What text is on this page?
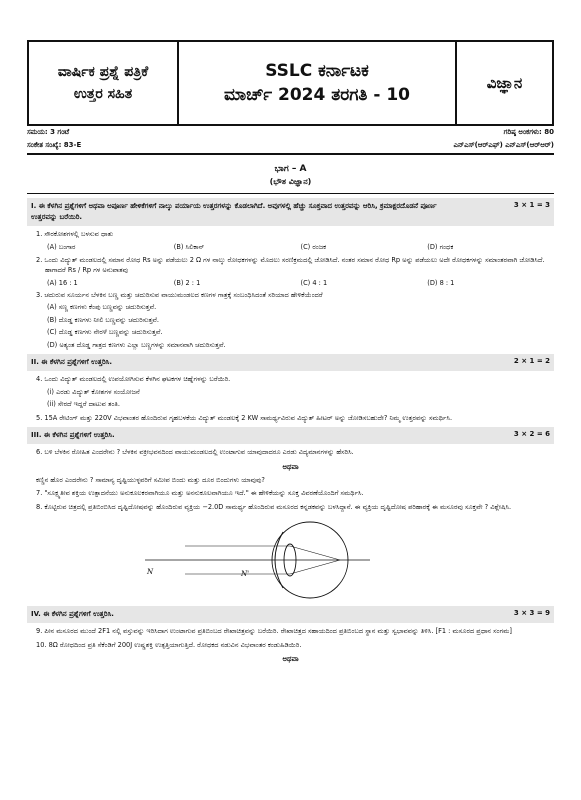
ವಾರ್ಷಿಕ ಪ್ರಶ್ನೆ ಪತ್ರಿಕೆ
ಉತ್ತರ ಸಹಿತ
SSLC ಕರ್ನಾಟಕ
ಮಾರ್ಚ್ 2024 ತರಗತಿ - 10
ವಿಜ್ಞಾನ
ಸಮಯ: 3 ಗಂಟೆ	ಗರಿಷ್ಠ ಅಂಕಗಳು: 80
ಸಂಕೇತ ಸಂಖ್ಯೆ: 83-E	ಎನ್ಎಸ್(ಆರ್‌ಎಫ್) ಎನ್ಎಸ್(ಆರ್‌ಆರ್)
ಭಾಗ – A
(ಭೌತ ವಿಜ್ಞಾನ)
I. ಈ ಕೆಳಗಿನ ಪ್ರಶ್ನೆಗಳಿಗೆ ಅಥವಾ ಅಪೂರ್ಣ ಹೇಳಿಕೆಗಳಿಗೆ ನಾಲ್ಕು ಪರ್ಯಾಯ ಉತ್ತರಗಳನ್ನು ಕೊಡಲಾಗಿದೆ. ಅವುಗಳಲ್ಲಿ ಹೆಚ್ಚು ಸೂಕ್ತವಾದ ಉತ್ತರವನ್ನು ಆರಿಸಿ, ಕ್ರಮಾಕ್ಷರದೊಡನೆ ಪೂರ್ಣ ಉತ್ತರವನ್ನು ಬರೆಯಿರಿ.
3 × 1 = 3
1. ಸೌರಕೋಶಗಳಲ್ಲಿ ಬಳಸುವ ಧಾತು
(A) ಬಂಗಾರ	(B) ಸಿಲಿಕಾನ್	(C) ರಂಜಕ	(D) ಗಂಧಕ
2. ಒಂದು ವಿದ್ಯುತ್ ಮಂಡಲದಲ್ಲಿ ಸಮಾನ ರೋಧ Rs ಅನ್ನು ಪಡೆಯಲು 2 Ω ಗಳ ನಾಲ್ಕು ರೋಧಕಗಳನ್ನು ಮೊದಲು ಸರಣಿಕ್ರಮದಲ್ಲಿ ಜೋಡಿಸಿದೆ. ನಂತರ ಸಮಾನ ರೋಧ Rp ಅನ್ನು ಪಡೆಯಲು ಅದೇ ರೋಧಕಗಳನ್ನು ಸಮಾಂತರವಾಗಿ ಜೋಡಿಸಿದೆ. ಹಾಗಾದರೆ Rs / Rp ಗಳ ಅನುಪಾತವು
(A) 16 : 1	(B) 2 : 1	(C) 4 : 1	(D) 8 : 1
3. ಚದುರುವ ಸೂರ್ಯನ ಬೆಳಕಿನ ಬಣ್ಣ ಮತ್ತು ಚದುರಿಸುವ ವಾಯುಮಂಡಲದ ಕಣಗಳ ಗಾತ್ರಕ್ಕೆ ಸಂಬಂಧಿಸಿದಂತೆ ಸರಿಯಾದ ಹೇಳಿಕೆಯೆಂದರೆ
(A) ಸಣ್ಣ ಕಣಗಳು ಕೆಂಪು ಬಣ್ಣವನ್ನು ಚದುರಿಸುತ್ತವೆ.
(B) ದೊಡ್ಡ ಕಣಗಳು ನೀಲಿ ಬಣ್ಣವನ್ನು ಚದುರಿಸುತ್ತವೆ.
(C) ದೊಡ್ಡ ಕಣಗಳು ನೇರಳೆ ಬಣ್ಣವನ್ನು ಚದುರಿಸುತ್ತವೆ.
(D) ಅತ್ಯಂತ ದೊಡ್ಡ ಗಾತ್ರದ ಕಣಗಳು ಎಲ್ಲಾ ಬಣ್ಣಗಳನ್ನು ಸಮಾನವಾಗಿ ಚದುರಿಸುತ್ತವೆ.
II. ಈ ಕೆಳಗಿನ ಪ್ರಶ್ನೆಗಳಿಗೆ ಉತ್ತರಿಸಿ.	2 × 1 = 2
4. ಒಂದು ವಿದ್ಯುತ್ ಮಂಡಲದಲ್ಲಿ ಉಪಯೋಗಿಸುವ ಕೆಳಗಿನ ಘಟಕಗಳ ಚಿಹ್ನೆಗಳನ್ನು ಬರೆಯಿರಿ.
(i) ಎರಡು ವಿದ್ಯುತ್ ಕೋಶಗಳ ಸಂಯೋಜನೆ
(ii) ಸೇರದೆ ಇದ್ದರೆ ದಾಟುವ ತಂತಿ.
5. 15A ರೇಟಿಂಗ್ ಮತ್ತು 220V ವಿಭವಾಂತರ ಹೊಂದಿರುವ ಗೃಹಬಳಕೆಯ ವಿದ್ಯುತ್ ಮಂಡಲಕ್ಕೆ 2 KW ಸಾಮರ್ಥ್ಯವಿರುವ ವಿದ್ಯುತ್ ಹೀಟರ್ ಅನ್ನು ಜೋಡಿಸಬಹುದೇ? ನಿಮ್ಮ ಉತ್ತರವನ್ನು ಸಮರ್ಥಿಸಿ.
III. ಈ ಕೆಳಗಿನ ಪ್ರಶ್ನೆಗಳಿಗೆ ಉತ್ತರಿಸಿ.	3 × 2 = 6
6. ಬಳಿ ಬೆಳಕಿನ ರೋಹಿತ ಎಂದರೇನು ? ಬೆಳಕಿನ ವಕ್ರೀಭವನದಿಂದ ವಾಯುಮಂಡಲದಲ್ಲಿ ಉಂಟಾಗುವ ಯಾವುದಾದರೂ ಎರಡು ವಿದ್ಯಮಾನಗಳನ್ನು ಹೆಸರಿಸಿ.
ಅಥವಾ
ಕಣ್ಣಿನ ಹೊರ ಎಂದರೇನು ? ಸಾಮಾನ್ಯ ದೃಷ್ಟಿಯುಳ್ಳವರಿಗೆ ಸಮೀಪ ಬಿಂದು ಮತ್ತು ದೂರ ಬಿಂದುಗಳು ಯಾವುವು?
7. "ಸೂಕ್ಷ್ಮತೀವ ಶಕ್ತಿಯ ಉತ್ಪಾದನೆಯು ಅನುಕೂಲಕರವಾಗಿಯೂ ಮತ್ತು ಅನನುಕೂಲವಾಗಿಯೂ ಇದೆ." ಈ ಹೇಳಿಕೆಯನ್ನು ಸೂಕ್ತ ವಿವರಣೆಯೊಂದಿಗೆ ಸಮರ್ಥಿಸಿ.
8. ಕೊಟ್ಟಿರುವ ಚಿತ್ರದಲ್ಲಿ ಪ್ರತಿಬಿಂಬಿಸಿದ ದೃಷ್ಟಿದೋಷವನ್ನು ಹೊಂದಿರುವ ವ್ಯಕ್ತಿಯ −2.0D ಸಾಮರ್ಥ್ಯ ಹೊಂದಿರುವ ಮಸೂರದ ಕನ್ನಡಕವನ್ನು ಬಳಸಿದ್ದಾನೆ. ಈ ವ್ಯಕ್ತಿಯ ದೃಷ್ಟಿದೋಷ ಪರಿಹಾರಕ್ಕೆ ಈ ಮಸೂರವು ಸೂಕ್ತವೇ ? ವಿಶ್ಲೇಷಿಸಿ.
N	N'
IV. ಈ ಕೆಳಗಿನ ಪ್ರಶ್ನೆಗಳಿಗೆ ಉತ್ತರಿಸಿ.	3 × 3 = 9
9. ಪೀನ ಮಸೂರದ ಮುಂದೆ 2F1 ನಲ್ಲಿ ವಸ್ತುವನ್ನು ಇರಿಸಿದಾಗ ಉಂಟಾಗುವ ಪ್ರತಿಬಿಂಬದ ರೇಖಾಚಿತ್ರವನ್ನು ಬರೆಯಿರಿ. ರೇಖಾಚಿತ್ರದ ಸಹಾಯದಿಂದ ಪ್ರತಿಬಿಂಬದ ಸ್ಥಾನ ಮತ್ತು ಸ್ವಭಾವವನ್ನು ತಿಳಿಸಿ. [F1 : ಮಸೂರದ ಪ್ರಧಾನ ಸಂಗಮ]
10. 8Ω ರೋಧದಿಂದ ಪ್ರತಿ ಸೆಕೆಂಡಿಗೆ 200J ಉಷ್ಣಶಕ್ತಿ ಉತ್ಪತ್ತಿಯಾಗುತ್ತಿದೆ. ರೋಧಕದ ನಡುವಿನ ವಿಭವಾಂತರ ಕಂಡುಹಿಡಿಯಿರಿ.
ಅಥವಾ
